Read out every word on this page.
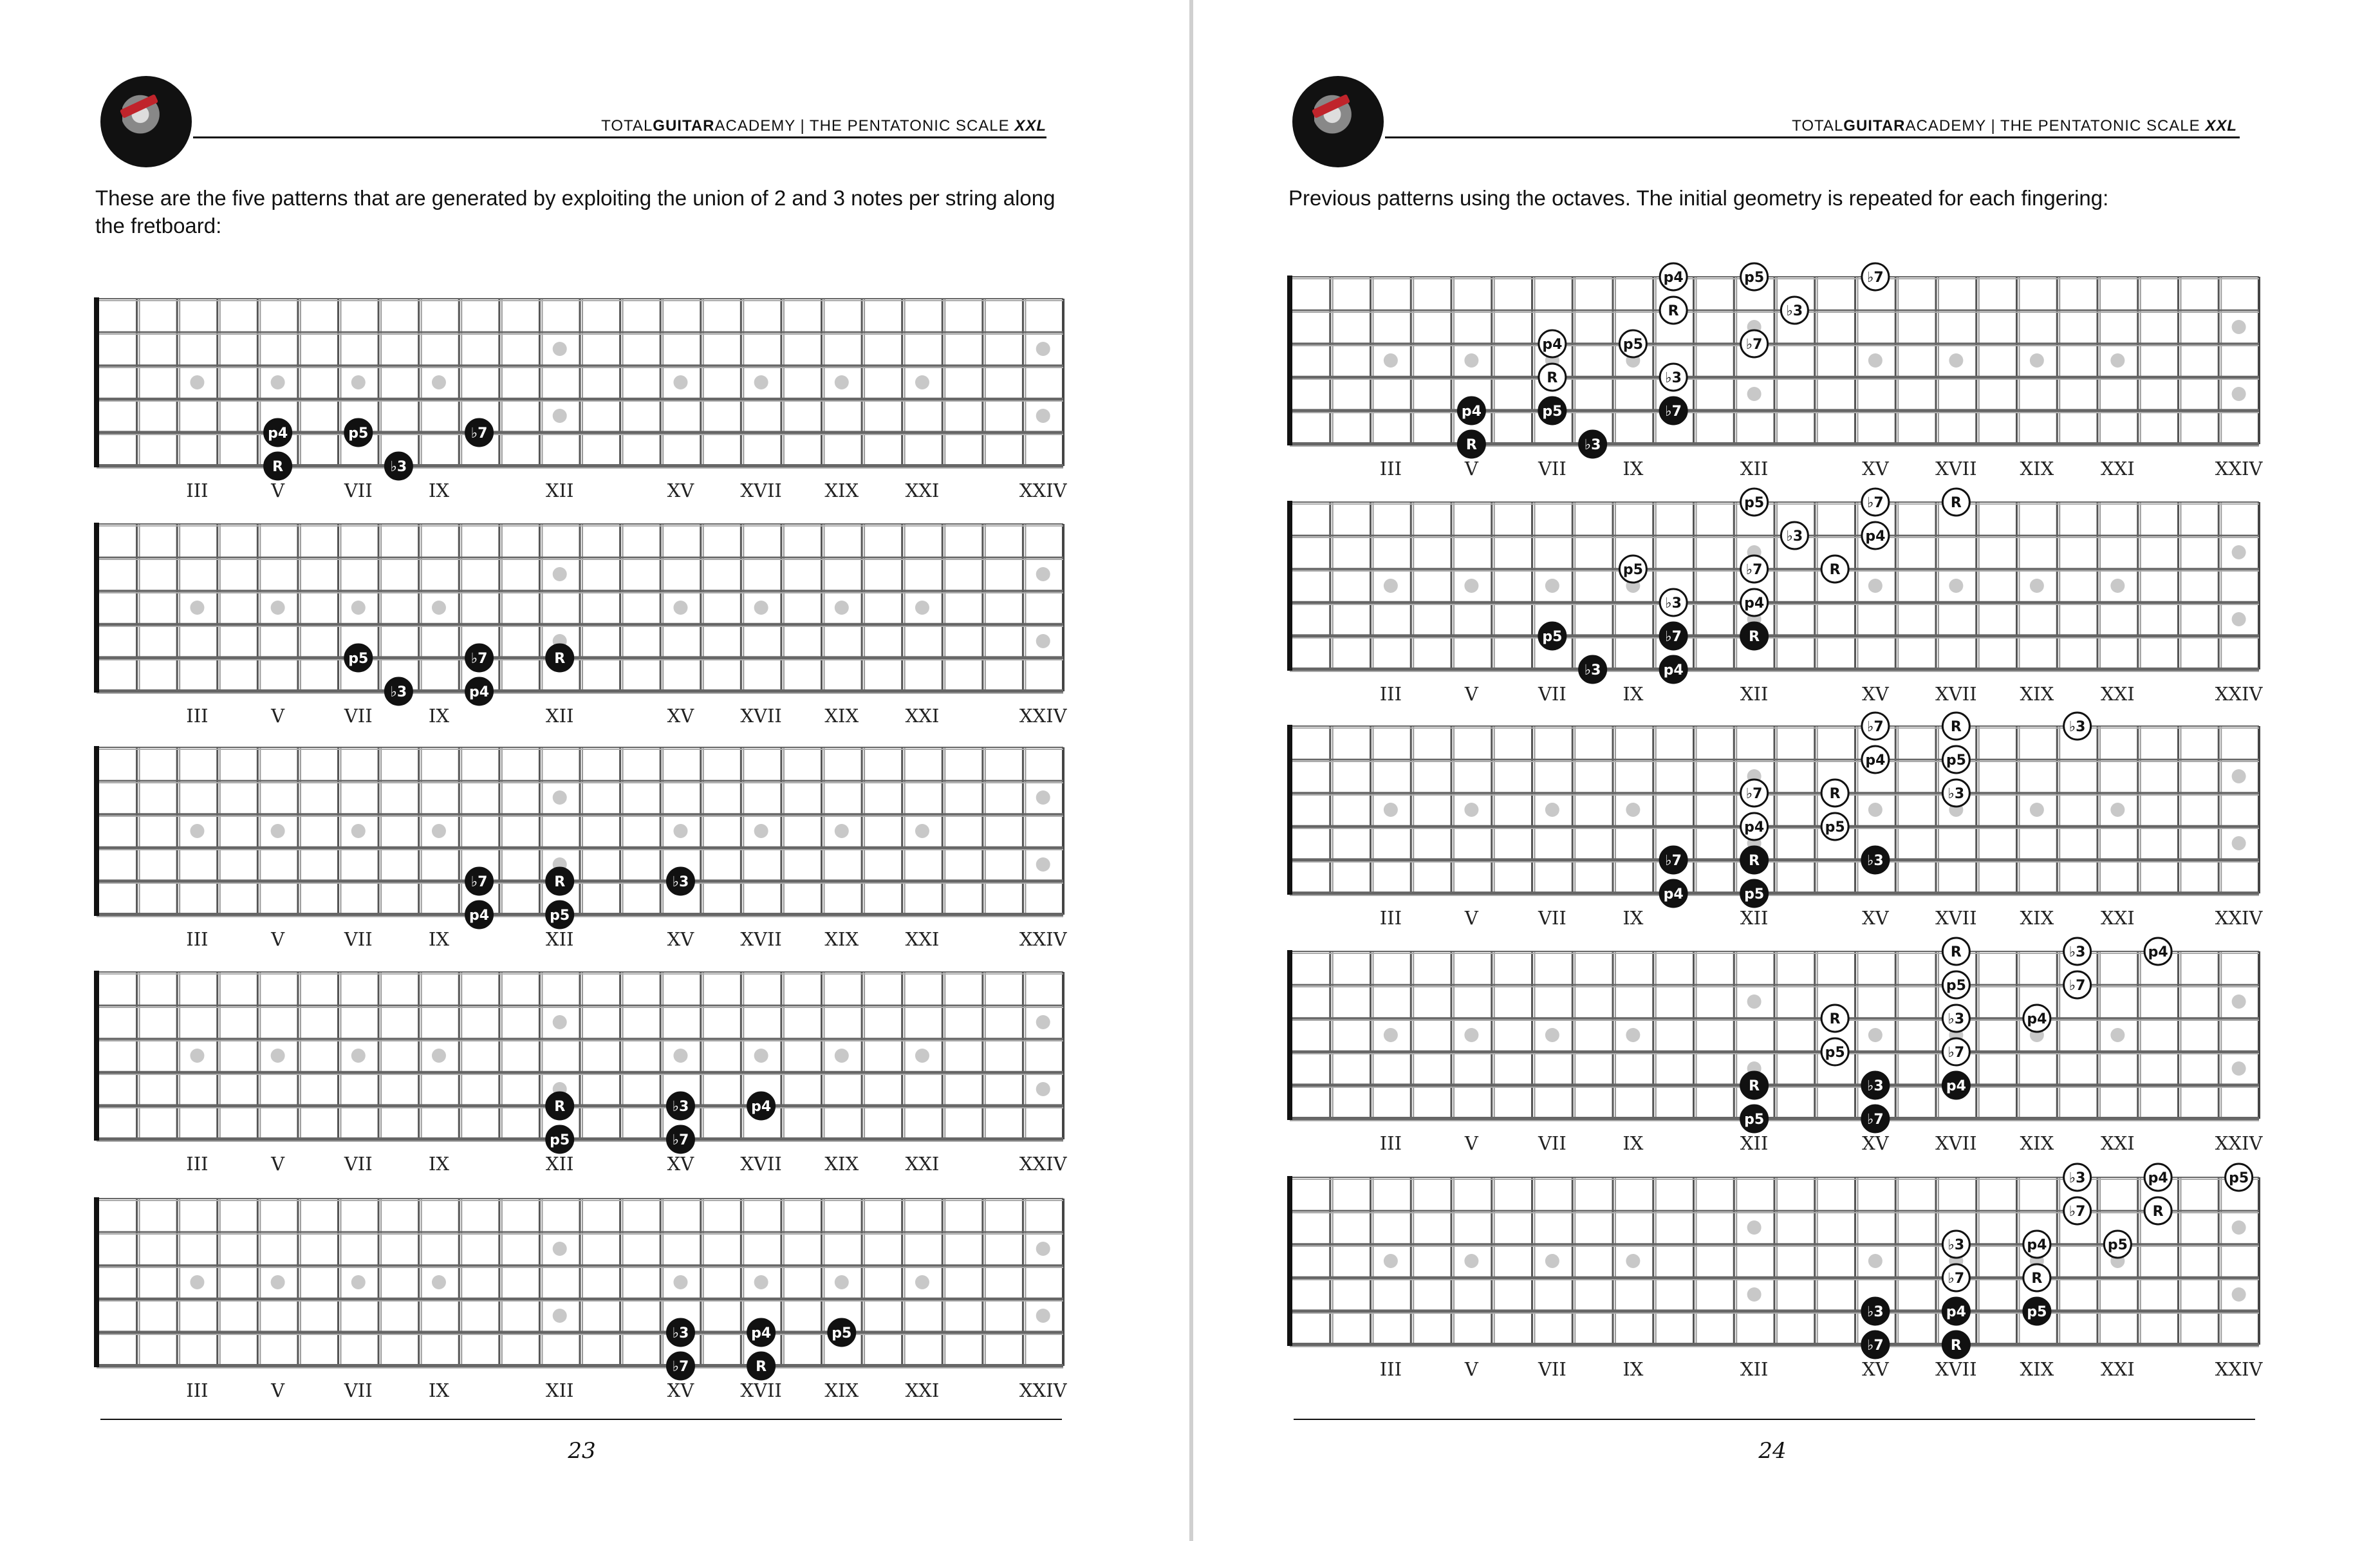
TOTALGUITARACADEMY | THE PENTATONIC SCALE XXL
These are the five patterns that are generated by exploiting the union of 2 and 3 notes per string along the fretboard:
III	V	VII	IX	XII	XV XVII XIX XXI	XXIV
p4	p5	♭7
R	♭3
III	V	VII	IX	XII	XV XVII XIX XXI	XXIV
p5	♭7	R
♭3	p4
III	V	VII	IX	XII	XV XVII XIX XXI	XXIV
♭7	R	♭3
p4	p5
III	V	VII	IX	XII	XV XVII XIX XXI	XXIV
R	♭3	p4
p5	♭7
III	V	VII	IX	XII	XV XVII XIX XXI	XXIV
♭3	p4	p5
♭7	R
23
TOTALGUITARACADEMY | THE PENTATONIC SCALE XXL
Previous patterns using the octaves. The initial geometry is repeated for each fingering:
III	V	VII	IX	XII	XV XVII XIX	XXI	XXIV
p4	p5	♭7
R	♭3
p4	p5	♭7
R	♭3
p4	p5	♭7
R	♭3
III	V	VII	IX	XII	XV XVII XIX	XXI	XXIV
p5	♭7	R
♭3	p4
p5	♭7	R
♭3	p4
p5	♭7	R
♭3	p4
III	V	VII	IX	XII	XV XVII XIX	XXI	XXIV
♭7	R	♭3
p4	p5
♭7	R	♭3
p4	p5
♭7	R	♭3
p4	p5
III	V	VII	IX	XII	XV XVII XIX	XXI	XXIV
R	♭3	p4
p5	♭7
R	♭3	p4
p5	♭7
R	♭3	p4
p5	♭7
III	V	VII	IX	XII	XV XVII XIX	XXI	XXIV
♭3	p4	p5
♭7	R
♭3	p4	p5
♭7	R
♭3	p4	p5
♭7	R
24
